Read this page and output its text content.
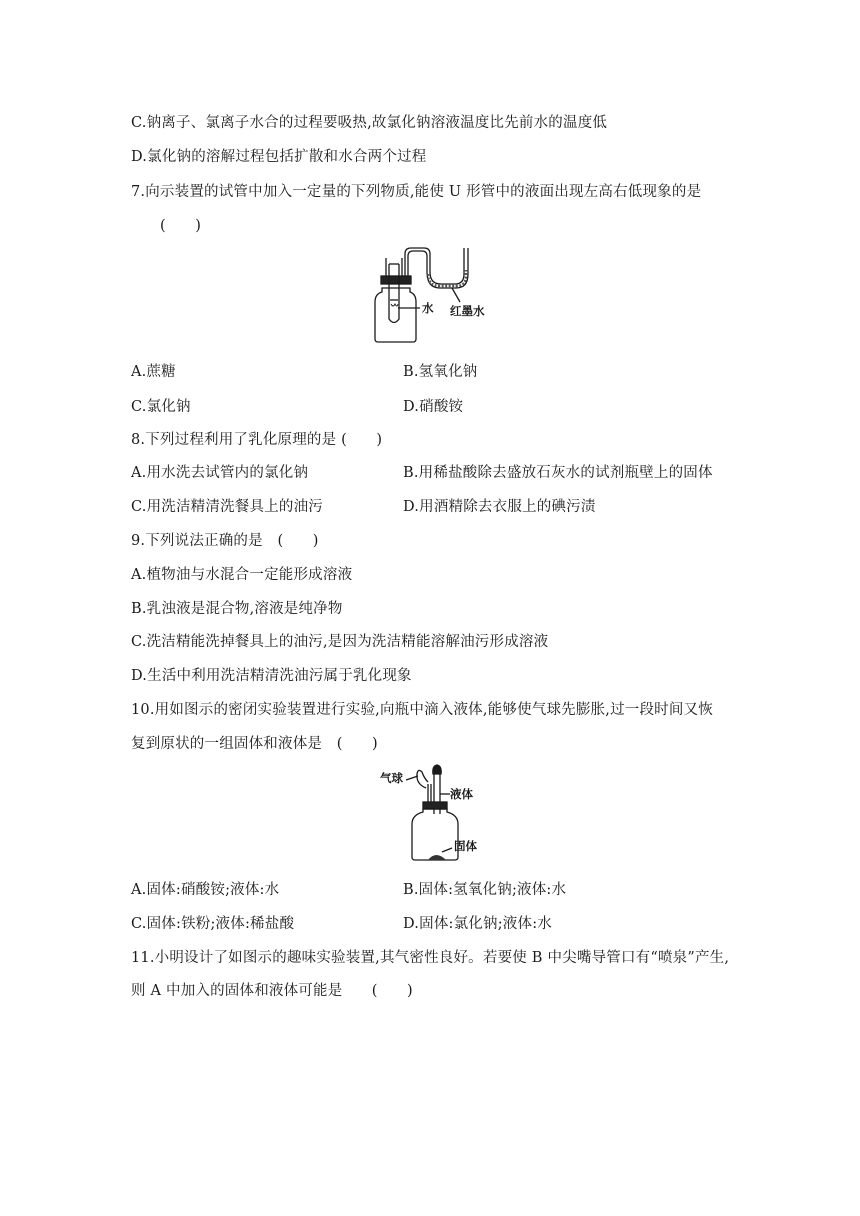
C.钠离子、氯离子水合的过程要吸热,故氯化钠溶液温度比先前水的温度低
D.氯化钠的溶解过程包括扩散和水合两个过程
7.向示装置的试管中加入一定量的下列物质,能使 U 形管中的液面出现左高右低现象的是
(　　)
水 红墨水
A.蔗糖	B.氢氧化钠
C.氯化钠	D.硝酸铵
8.下列过程利用了乳化原理的是 (　　)
A.用水洗去试管内的氯化钠	B.用稀盐酸除去盛放石灰水的试剂瓶壁上的固体
C.用洗洁精清洗餐具上的油污	D.用酒精除去衣服上的碘污渍
9.下列说法正确的是　(　　)
A.植物油与水混合一定能形成溶液
B.乳浊液是混合物,溶液是纯净物
C.洗洁精能洗掉餐具上的油污,是因为洗洁精能溶解油污形成溶液
D.生活中利用洗洁精清洗油污属于乳化现象
10.用如图示的密闭实验装置进行实验,向瓶中滴入液体,能够使气球先膨胀,过一段时间又恢
复到原状的一组固体和液体是　(　　)
气球
液体
固体
A.固体:硝酸铵;液体:水	B.固体:氢氧化钠;液体:水
C.固体:铁粉;液体:稀盐酸	D.固体:氯化钠;液体:水
11.小明设计了如图示的趣味实验装置,其气密性良好。若要使 B 中尖嘴导管口有“喷泉”产生,
则 A 中加入的固体和液体可能是　　(　　)
